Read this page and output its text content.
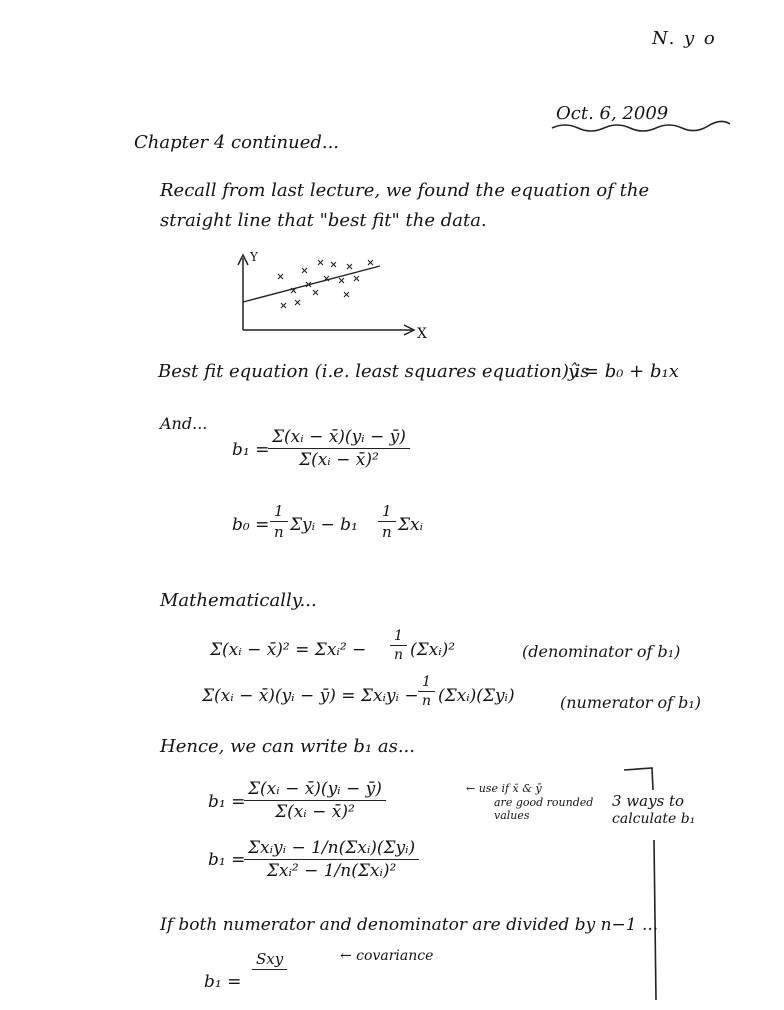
N. y o
Oct. 6, 2009
Chapter 4 continued...
Recall from last lecture, we found the equation of the
straight line that "best fit" the data.
Y
X
Best fit equation (i.e. least squares equation) is
ŷ = b₀ + b₁x
And...
b₁ =
$\frac{\text{Σ(xᵢ − x̄)(yᵢ − ȳ)}}{\text{Σ(xᵢ − x̄)²}}$
$b_0 = \frac{1}{n}$ Σyᵢ − $b_1 \frac{1}{n}$ Σxᵢ
Mathematically...
Σ(xᵢ − x̄)² = Σxᵢ² − $\frac{1}{n}$ (Σxᵢ)²	(denominator of b₁)
Σ(xᵢ − x̄)(yᵢ − ȳ) = Σxᵢyᵢ − $\frac{1}{n}$ (Σxᵢ)(Σyᵢ)	(numerator of b₁)
Hence, we can write b₁ as...
b₁ =
$\frac{\text{Σ(xᵢ − x̄)(yᵢ − ȳ)}}{\text{Σ(xᵢ − x̄)²}}$	← use if x̄ & ȳ
are good rounded
values
3 ways to
calculate b₁
b₁ =
Σxᵢyᵢ − 1/n(Σxᵢ)(Σyᵢ)
Σxᵢ² − 1/n(Σxᵢ)²
If both numerator and denominator are divided by n−1 ...
b₁ =
Sxy	← covariance
